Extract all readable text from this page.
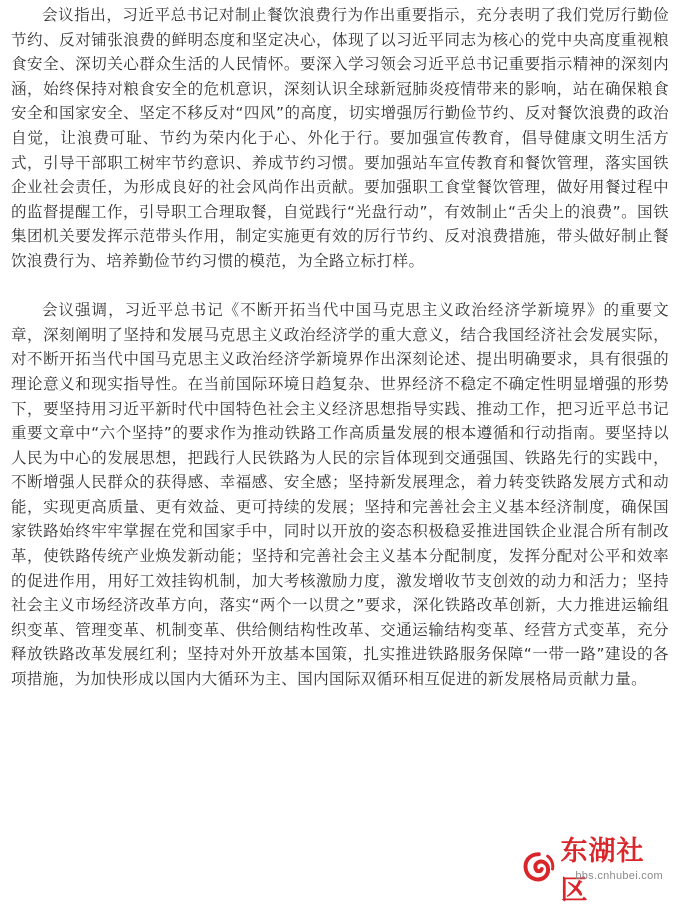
会议指出，习近平总书记对制止餐饮浪费行为作出重要指示，充分表明了我们党厉行勤俭节约、反对铺张浪费的鲜明态度和坚定决心，体现了以习近平同志为核心的党中央高度重视粮食安全、深切关心群众生活的人民情怀。要深入学习领会习近平总书记重要指示精神的深刻内涵，始终保持对粮食安全的危机意识，深刻认识全球新冠肺炎疫情带来的影响，站在确保粮食安全和国家安全、坚定不移反对“四风”的高度，切实增强厉行勤俭节约、反对餐饮浪费的政治自觉，让浪费可耻、节约为荣内化于心、外化于行。要加强宣传教育，倡导健康文明生活方式，引导干部职工树牢节约意识、养成节约习惯。要加强站车宣传教育和餐饮管理，落实国铁企业社会责任，为形成良好的社会风尚作出贡献。要加强职工食堂餐饮管理，做好用餐过程中的监督提醒工作，引导职工合理取餐，自觉践行“光盘行动”，有效制止“舌尖上的浪费”。国铁集团机关要发挥示范带头作用，制定实施更有效的厉行节约、反对浪费措施，带头做好制止餐饮浪费行为、培养勤俭节约习惯的模范，为全路立标打样。

会议强调，习近平总书记《不断开拓当代中国马克思主义政治经济学新境界》的重要文章，深刻阐明了坚持和发展马克思主义政治经济学的重大意义，结合我国经济社会发展实际，对不断开拓当代中国马克思主义政治经济学新境界作出深刻论述、提出明确要求，具有很强的理论意义和现实指导性。在当前国际环境日趋复杂、世界经济不稳定不确定性明显增强的形势下，要坚持用习近平新时代中国特色社会主义经济思想指导实践、推动工作，把习近平总书记重要文章中“六个坚持”的要求作为推动铁路工作高质量发展的根本遵循和行动指南。要坚持以人民为中心的发展思想，把践行人民铁路为人民的宗旨体现到交通强国、铁路先行的实践中，不断增强人民群众的获得感、幸福感、安全感；坚持新发展理念，着力转变铁路发展方式和动能，实现更高质量、更有效益、更可持续的发展；坚持和完善社会主义基本经济制度，确保国家铁路始终牢牢掌握在党和国家手中，同时以开放的姿态积极稳妥推进国铁企业混合所有制改革，使铁路传统产业焕发新动能；坚持和完善社会主义基本分配制度，发挥分配对公平和效率的促进作用，用好工效挂钩机制，加大考核激励力度，激发增收节支创效的动力和活力；坚持社会主义市场经济改革方向，落实“两个一以贯之”要求，深化铁路改革创新，大力推进运输组织变革、管理变革、机制变革、供给侧结构性改革、交通运输结构变革、经营方式变革，充分释放铁路改革发展红利；坚持对外开放基本国策，扎实推进铁路服务保障“一带一路”建设的各项措施，为加快形成以国内大循环为主、国内国际双循环相互促进的新发展格局贡献力量。

东湖社区
bbs.cnhubei.com
